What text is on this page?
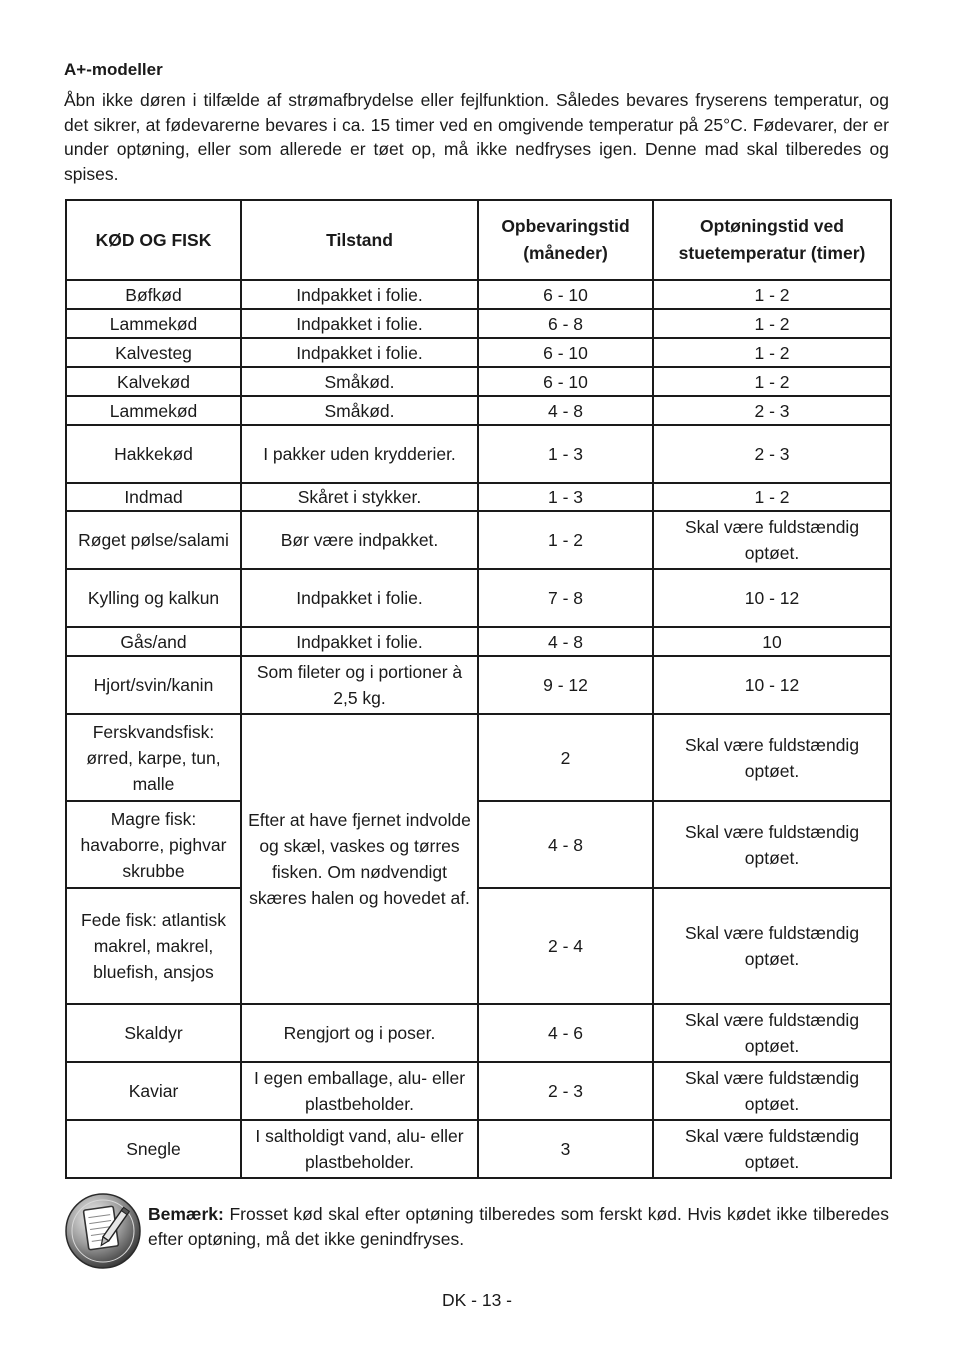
A+-modeller

Åbn ikke døren i tilfælde af strømafbrydelse eller fejlfunktion. Således bevares fryserens temperatur, og det sikrer, at fødevarerne bevares i ca. 15 timer ved en omgivende temperatur på 25°C. Fødevarer, der er under optøning, eller som allerede er tøet op, må ikke nedfryses igen. Denne mad skal tilberedes og spises.

KØD OG FISK	Tilstand	Opbevaringstid (måneder)	Optøningstid ved stuetemperatur (timer)
Bøfkød	Indpakket i folie.	6 - 10	1 - 2
Lammekød	Indpakket i folie.	6 - 8	1 - 2
Kalvesteg	Indpakket i folie.	6 - 10	1 - 2
Kalvekød	Småkød.	6 - 10	1 - 2
Lammekød	Småkød.	4 - 8	2 - 3
Hakkekød	I pakker uden krydderier.	1 - 3	2 - 3
Indmad	Skåret i stykker.	1 - 3	1 - 2
Røget pølse/salami	Bør være indpakket.	1 - 2	Skal være fuldstændig optøet.
Kylling og kalkun	Indpakket i folie.	7 - 8	10 - 12
Gås/and	Indpakket i folie.	4 - 8	10
Hjort/svin/kanin	Som fileter og i portioner à 2,5 kg.	9 - 12	10 - 12
Ferskvandsfisk: ørred, karpe, tun, malle	Efter at have fjernet indvolde og skæl, vaskes og tørres fisken. Om nødvendigt skæres halen og hovedet af.	2	Skal være fuldstændig optøet.
Magre fisk: havaborre, pighvar skrubbe		4 - 8	Skal være fuldstændig optøet.
Fede fisk: atlantisk makrel, makrel, bluefish, ansjos		2 - 4	Skal være fuldstændig optøet.
Skaldyr	Rengjort og i poser.	4 - 6	Skal være fuldstændig optøet.
Kaviar	I egen emballage, alu- eller plastbeholder.	2 - 3	Skal være fuldstændig optøet.
Snegle	I saltholdigt vand, alu- eller plastbeholder.	3	Skal være fuldstændig optøet.

Bemærk: Frosset kød skal efter optøning tilberedes som ferskt kød. Hvis kødet ikke tilberedes efter optøning, må det ikke genindfryses.

DK - 13 -
